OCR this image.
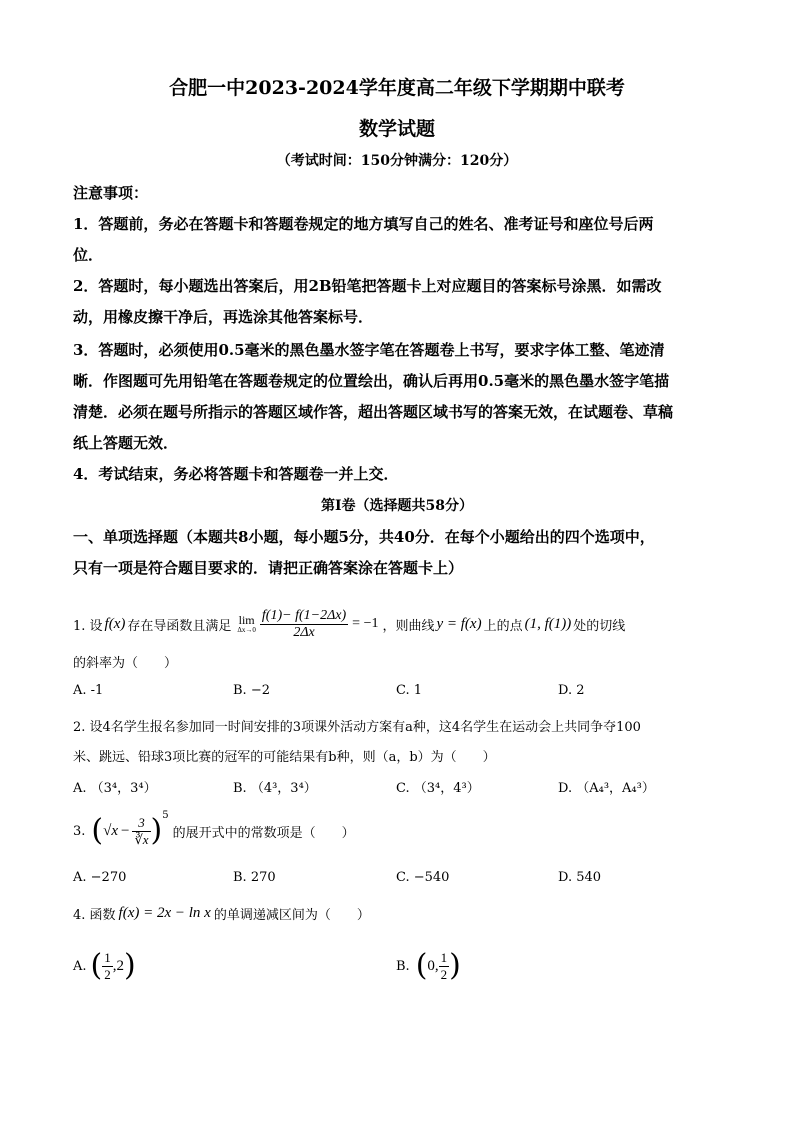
合肥一中2023-2024学年度高二年级下学期期中联考
数学试题
（考试时间：150分钟满分：120分）
注意事项：
1．答题前，务必在答题卡和答题卷规定的地方填写自己的姓名、准考证号和座位号后两
位．
2．答题时，每小题选出答案后，用2B铅笔把答题卡上对应题目的答案标号涂黑．如需改
动，用橡皮擦干净后，再选涂其他答案标号．
3．答题时，必须使用0.5毫米的黑色墨水签字笔在答题卷上书写，要求字体工整、笔迹清
晰．作图题可先用铅笔在答题卷规定的位置绘出，确认后再用0.5毫米的黑色墨水签字笔描
清楚．必须在题号所指示的答题区域作答，超出答题区域书写的答案无效，在试题卷、草稿
纸上答题无效．
4．考试结束，务必将答题卡和答题卷一并上交．
第Ⅰ卷（选择题共58分）
一、单项选择题（本题共8小题，每小题5分，共40分．在每个小题给出的四个选项中，
只有一项是符合题目要求的．请把正确答案涂在答题卡上）
1. 设 f(x) 存在导函数且满足 lim
$\Delta x\to 0 \frac{f(1)- f(1-2\Delta x)}{2\Delta x} = -1$ ，则曲线 y = f(x) 上的点 (1, f(1)) 处的切线
的斜率为（　　）
A. -1	B. −2	C. 1	D. 2
2. 设4名学生报名参加同一时间安排的3项课外活动方案有a种，这4名学生在运动会上共同争夺100
米、跳远、铅球3项比赛的冠军的可能结果有b种，则（a，b）为（　　）
A. （3⁴，3⁴）	B. （4³，3⁴）	C. （3⁴，4³）	D. （A₄³，A₄³）
3. ( $√x - \frac{3}{∛x}$ ) 5
的展开式中的常数项是（　　）
A. −270	B. 270	C. −540	D. 540
4. 函数 f(x) = 2x − ln x 的单调递减区间为（　　）
A. ( $\frac{1}{2}$ , 2 )	B. ( 0 , $\frac{1}{2}$ )
